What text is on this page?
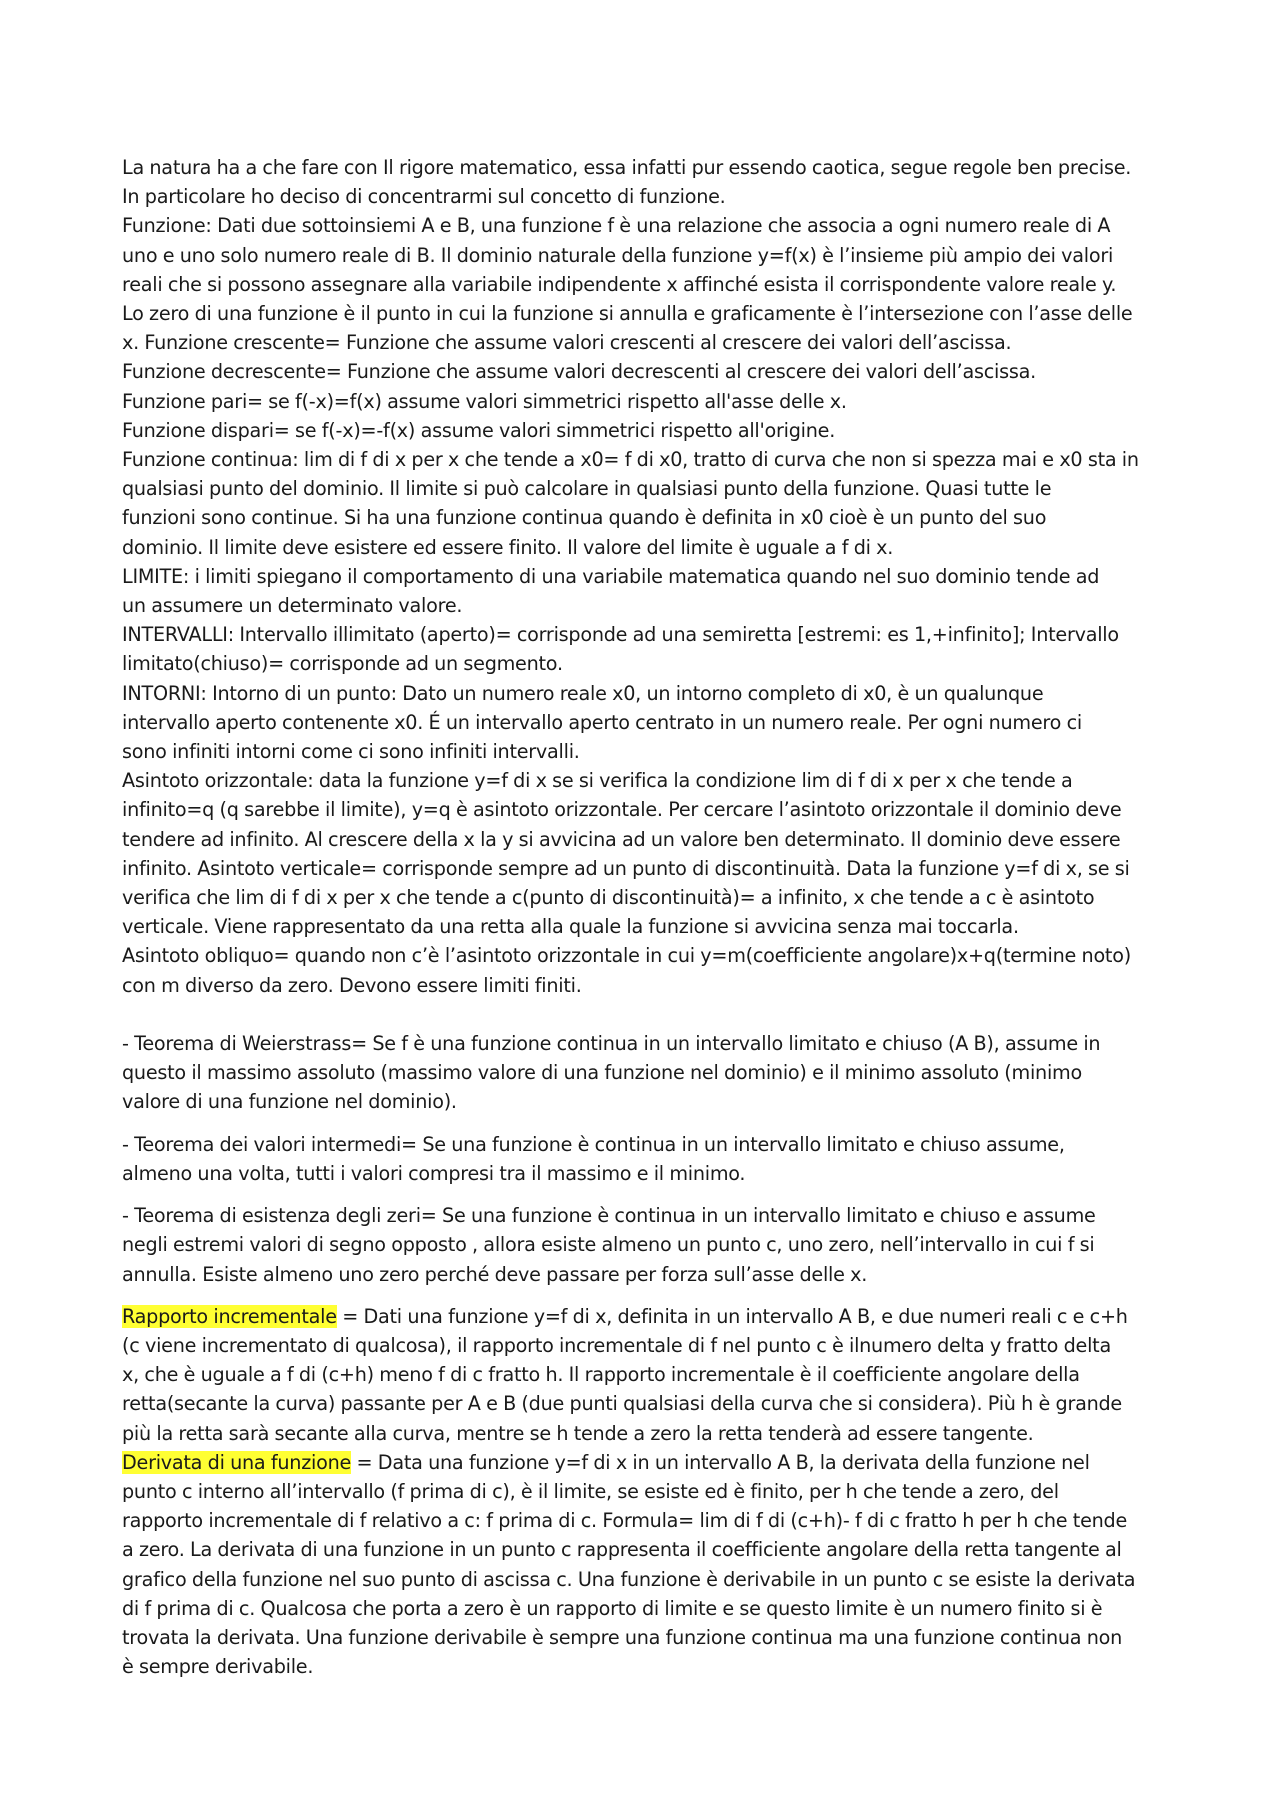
La natura ha a che fare con Il rigore matematico, essa infatti pur essendo caotica, segue regole ben precise.
In particolare ho deciso di concentrarmi sul concetto di funzione.
Funzione: Dati due sottoinsiemi A e B, una funzione f è una relazione che associa a ogni numero reale di A
uno e uno solo numero reale di B. Il dominio naturale della funzione y=f(x) è l’insieme più ampio dei valori
reali che si possono assegnare alla variabile indipendente x affinché esista il corrispondente valore reale y.
Lo zero di una funzione è il punto in cui la funzione si annulla e graficamente è l’intersezione con l’asse delle
x. Funzione crescente= Funzione che assume valori crescenti al crescere dei valori dell’ascissa.
Funzione decrescente= Funzione che assume valori decrescenti al crescere dei valori dell’ascissa.
Funzione pari= se f(-x)=f(x) assume valori simmetrici rispetto all'asse delle x.
Funzione dispari= se f(-x)=-f(x) assume valori simmetrici rispetto all'origine.
Funzione continua: lim di f di x per x che tende a x0= f di x0, tratto di curva che non si spezza mai e x0 sta in
qualsiasi punto del dominio. Il limite si può calcolare in qualsiasi punto della funzione. Quasi tutte le
funzioni sono continue. Si ha una funzione continua quando è definita in x0 cioè è un punto del suo
dominio. Il limite deve esistere ed essere finito. Il valore del limite è uguale a f di x.
LIMITE: i limiti spiegano il comportamento di una variabile matematica quando nel suo dominio tende ad
un assumere un determinato valore.
INTERVALLI: Intervallo illimitato (aperto)= corrisponde ad una semiretta [estremi: es 1,+infinito]; Intervallo
limitato(chiuso)= corrisponde ad un segmento.
INTORNI: Intorno di un punto: Dato un numero reale x0, un intorno completo di x0, è un qualunque
intervallo aperto contenente x0. É un intervallo aperto centrato in un numero reale. Per ogni numero ci
sono infiniti intorni come ci sono infiniti intervalli.
Asintoto orizzontale: data la funzione y=f di x se si verifica la condizione lim di f di x per x che tende a
infinito=q (q sarebbe il limite), y=q è asintoto orizzontale. Per cercare l’asintoto orizzontale il dominio deve
tendere ad infinito. Al crescere della x la y si avvicina ad un valore ben determinato. Il dominio deve essere
infinito. Asintoto verticale= corrisponde sempre ad un punto di discontinuità. Data la funzione y=f di x, se si
verifica che lim di f di x per x che tende a c(punto di discontinuità)= a infinito, x che tende a c è asintoto
verticale. Viene rappresentato da una retta alla quale la funzione si avvicina senza mai toccarla.
Asintoto obliquo= quando non c’è l’asintoto orizzontale in cui y=m(coefficiente angolare)x+q(termine noto)
con m diverso da zero. Devono essere limiti finiti.
- Teorema di Weierstrass= Se f è una funzione continua in un intervallo limitato e chiuso (A B), assume in
questo il massimo assoluto (massimo valore di una funzione nel dominio) e il minimo assoluto (minimo
valore di una funzione nel dominio).
- Teorema dei valori intermedi= Se una funzione è continua in un intervallo limitato e chiuso assume,
almeno una volta, tutti i valori compresi tra il massimo e il minimo.
- Teorema di esistenza degli zeri= Se una funzione è continua in un intervallo limitato e chiuso e assume
negli estremi valori di segno opposto , allora esiste almeno un punto c, uno zero, nell’intervallo in cui f si
annulla. Esiste almeno uno zero perché deve passare per forza sull’asse delle x.
Rapporto incrementale = Dati una funzione y=f di x, definita in un intervallo A B, e due numeri reali c e c+h
(c viene incrementato di qualcosa), il rapporto incrementale di f nel punto c è ilnumero delta y fratto delta
x, che è uguale a f di (c+h) meno f di c fratto h. Il rapporto incrementale è il coefficiente angolare della
retta(secante la curva) passante per A e B (due punti qualsiasi della curva che si considera). Più h è grande
più la retta sarà secante alla curva, mentre se h tende a zero la retta tenderà ad essere tangente.
Derivata di una funzione = Data una funzione y=f di x in un intervallo A B, la derivata della funzione nel
punto c interno all’intervallo (f prima di c), è il limite, se esiste ed è finito, per h che tende a zero, del
rapporto incrementale di f relativo a c: f prima di c. Formula= lim di f di (c+h)- f di c fratto h per h che tende
a zero. La derivata di una funzione in un punto c rappresenta il coefficiente angolare della retta tangente al
grafico della funzione nel suo punto di ascissa c. Una funzione è derivabile in un punto c se esiste la derivata
di f prima di c. Qualcosa che porta a zero è un rapporto di limite e se questo limite è un numero finito si è
trovata la derivata. Una funzione derivabile è sempre una funzione continua ma una funzione continua non
è sempre derivabile.
